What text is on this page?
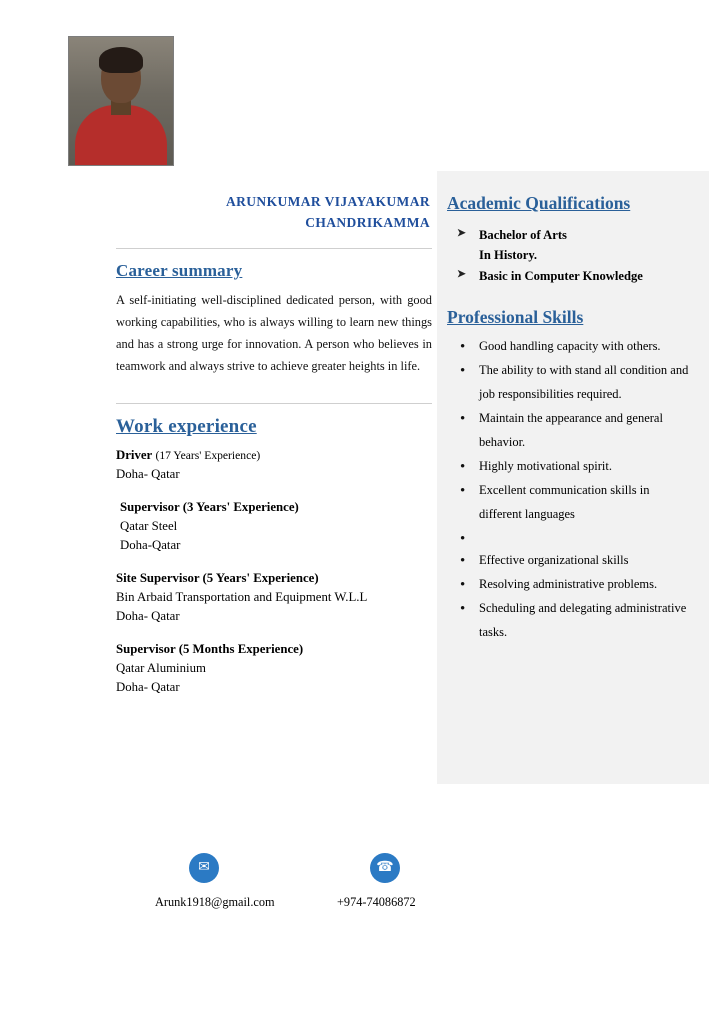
Academic Qualifications
➤ Bachelor of Arts
In History.
➤ Basic in Computer Knowledge
Professional Skills
• Good handling capacity with others.
• The ability to with stand all condition and job responsibilities required.
• Maintain the appearance and general behavior.
• Highly motivational spirit.
• Excellent communication skills in different languages
•
• Effective organizational skills
• Resolving administrative problems.
• Scheduling and delegating administrative tasks.
ARUNKUMAR VIJAYAKUMAR
CHANDRIKAMMA
Career summary

A self-initiating well-disciplined dedicated person, with good working capabilities, who is always willing to learn new things and has a strong urge for innovation. A person who believes in teamwork and always strive to achieve greater heights in life.

Work experience
Driver (17 Years' Experience)
Doha- Qatar
Supervisor (3 Years' Experience)
Qatar Steel
Doha-Qatar
Site Supervisor (5 Years' Experience)
Bin Arbaid Transportation and Equipment W.L.L
Doha- Qatar
Supervisor (5 Months Experience)
Qatar Aluminium
Doha- Qatar
✉	☎
Arunk1918@gmail.com	+974-74086872
